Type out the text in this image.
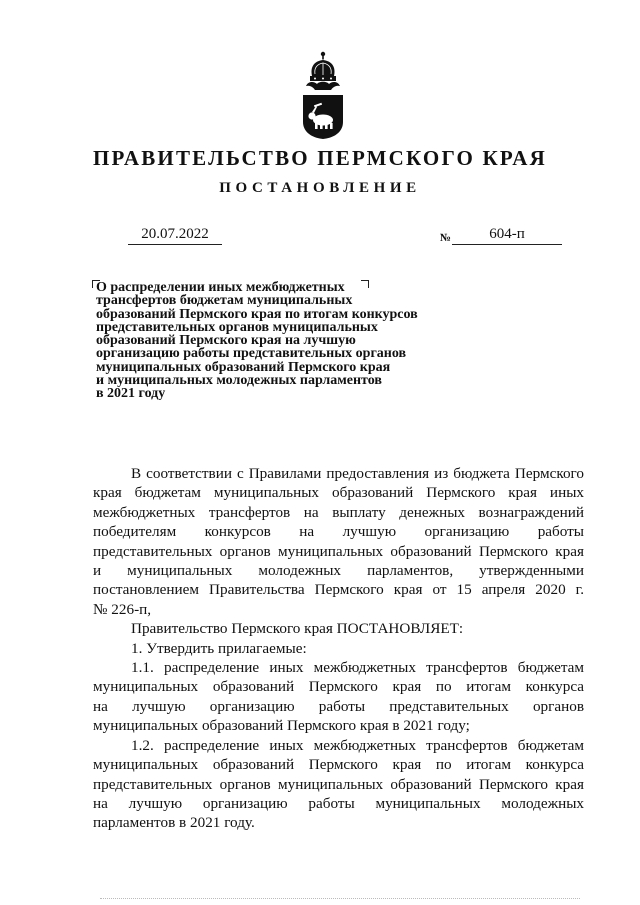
ПРАВИТЕЛЬСТВО ПЕРМСКОГО КРАЯ
ПОСТАНОВЛЕНИЕ
20.07.2022	№	604-п
О распределении иных межбюджетных
трансфертов бюджетам муниципальных
образований Пермского края по итогам конкурсов
представительных органов муниципальных
образований Пермского края на лучшую
организацию работы представительных органов
муниципальных образований Пермского края
и муниципальных молодежных парламентов
в 2021 году

В соответствии с Правилами предоставления из бюджета Пермского

края бюджетам муниципальных образований Пермского края иных

межбюджетных трансфертов на выплату денежных вознаграждений

победителям конкурсов на лучшую организацию работы

представительных органов муниципальных образований Пермского края

и муниципальных молодежных парламентов, утвержденными

постановлением Правительства Пермского края от 15 апреля 2020 г.

№ 226-п,

Правительство Пермского края ПОСТАНОВЛЯЕТ:

1. Утвердить прилагаемые:

1.1. распределение иных межбюджетных трансфертов бюджетам

муниципальных образований Пермского края по итогам конкурса

на лучшую организацию работы представительных органов

муниципальных образований Пермского края в 2021 году;

1.2. распределение иных межбюджетных трансфертов бюджетам

муниципальных образований Пермского края по итогам конкурса

представительных органов муниципальных образований Пермского края

на лучшую организацию работы муниципальных молодежных

парламентов в 2021 году.
